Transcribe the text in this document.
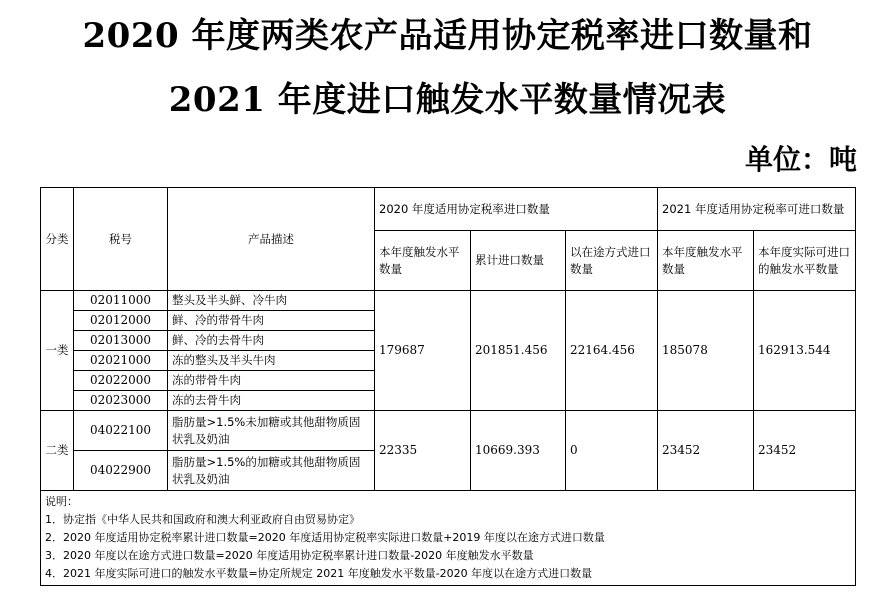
2020 年度两类农产品适用协定税率进口数量和
2021 年度进口触发水平数量情况表
单位：吨
分类	税号	产品描述	2020 年度适用协定税率进口数量			2021 年度适用协定税率可进口数量	
			本年度触发水平数量	累计进口数量	以在途方式进口数量	本年度触发水平数量	本年度实际可进口的触发水平数量
一类	02011000	整头及半头鲜、冷牛肉	179687	201851.456	22164.456	185078	162913.544
	02012000	鲜、冷的带骨牛肉					
	02013000	鲜、冷的去骨牛肉					
	02021000	冻的整头及半头牛肉					
	02022000	冻的带骨牛肉					
	02023000	冻的去骨牛肉					
二类	04022100	脂肪量>1.5%未加糖或其他甜物质固状乳及奶油	22335	10669.393	0	23452	23452
	04022900	脂肪量>1.5%的加糖或其他甜物质固状乳及奶油					

说明：
1．协定指《中华人民共和国政府和澳大利亚政府自由贸易协定》
2．2020 年度适用协定税率累计进口数量=2020 年度适用协定税率实际进口数量+2019 年度以在途方式进口数量
3．2020 年度以在途方式进口数量=2020 年度适用协定税率累计进口数量-2020 年度触发水平数量
4．2021 年度实际可进口的触发水平数量=协定所规定 2021 年度触发水平数量-2020 年度以在途方式进口数量							
